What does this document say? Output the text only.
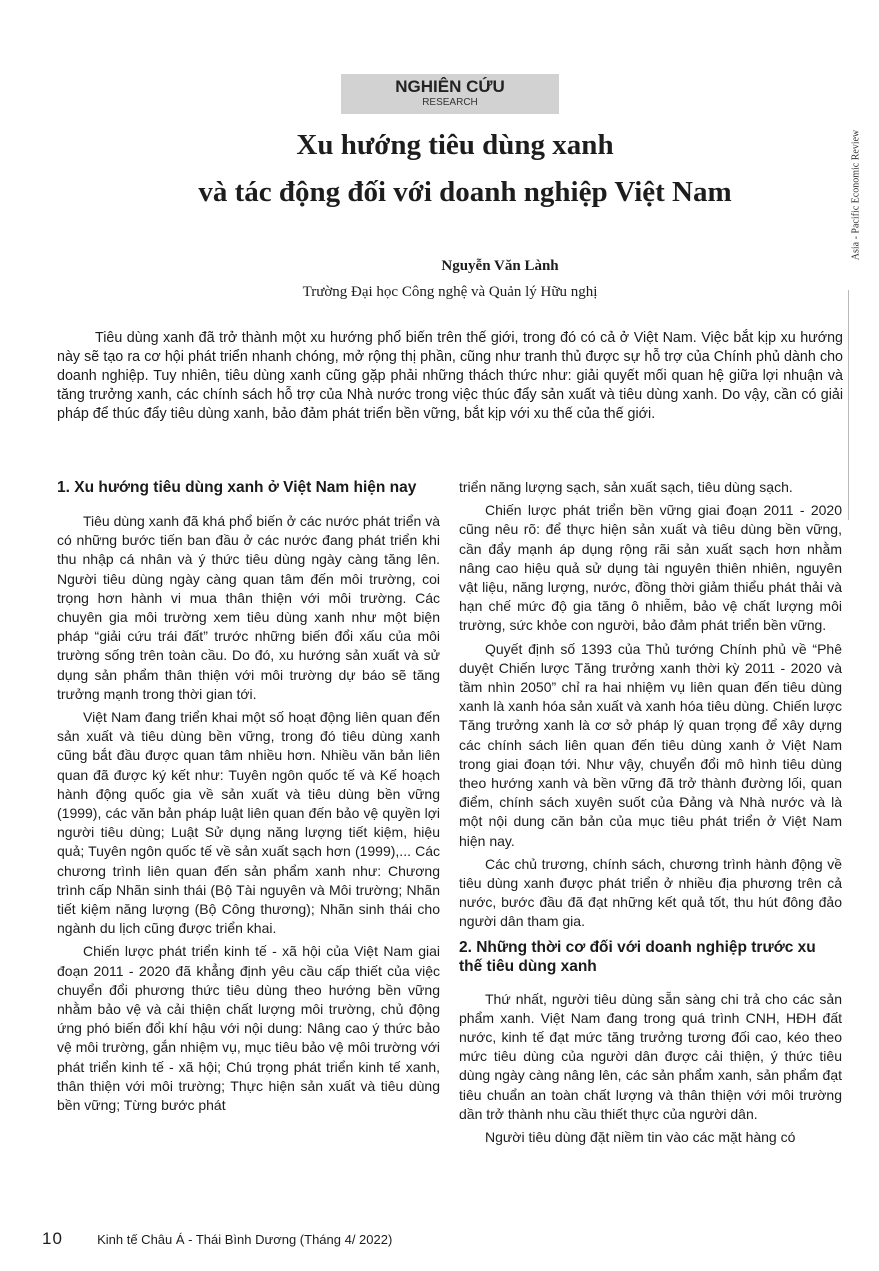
NGHIÊN CỨU
RESEARCH
Asia - Pacific Economic Review
Xu hướng tiêu dùng xanh
và tác động đối với doanh nghiệp Việt Nam
Nguyễn Văn Lành
Trường Đại học Công nghệ và Quản lý Hữu nghị

Tiêu dùng xanh đã trở thành một xu hướng phổ biến trên thế giới, trong đó có cả ở Việt Nam. Việc bắt kịp xu hướng này sẽ tạo ra cơ hội phát triển nhanh chóng, mở rộng thị phần, cũng như tranh thủ được sự hỗ trợ của Chính phủ dành cho doanh nghiệp. Tuy nhiên, tiêu dùng xanh cũng gặp phải những thách thức như: giải quyết mối quan hệ giữa lợi nhuận và tăng trưởng xanh, các chính sách hỗ trợ của Nhà nước trong việc thúc đẩy sản xuất và tiêu dùng xanh. Do vậy, cần có giải pháp để thúc đẩy tiêu dùng xanh, bảo đảm phát triển bền vững, bắt kịp với xu thế của thế giới.

1. Xu hướng tiêu dùng xanh ở Việt Nam hiện nay

Tiêu dùng xanh đã khá phổ biến ở các nước phát triển và có những bước tiến ban đầu ở các nước đang phát triển khi thu nhập cá nhân và ý thức tiêu dùng ngày càng tăng lên. Người tiêu dùng ngày càng quan tâm đến môi trường, coi trọng hơn hành vi mua thân thiện với môi trường. Các chuyên gia môi trường xem tiêu dùng xanh như một biện pháp “giải cứu trái đất” trước những biến đổi xấu của môi trường sống trên toàn cầu. Do đó, xu hướng sản xuất và sử dụng sản phẩm thân thiện với môi trường dự báo sẽ tăng trưởng mạnh trong thời gian tới.

Việt Nam đang triển khai một số hoạt động liên quan đến sản xuất và tiêu dùng bền vững, trong đó tiêu dùng xanh cũng bắt đầu được quan tâm nhiều hơn. Nhiều văn bản liên quan đã được ký kết như: Tuyên ngôn quốc tế và Kế hoạch hành động quốc gia về sản xuất và tiêu dùng bền vững (1999), các văn bản pháp luật liên quan đến bảo vệ quyền lợi người tiêu dùng; Luật Sử dụng năng lượng tiết kiệm, hiệu quả; Tuyên ngôn quốc tế về sản xuất sạch hơn (1999),... Các chương trình liên quan đến sản phẩm xanh như: Chương trình cấp Nhãn sinh thái (Bộ Tài nguyên và Môi trường; Nhãn tiết kiệm năng lượng (Bộ Công thương); Nhãn sinh thái cho ngành du lịch cũng được triển khai.

Chiến lược phát triển kinh tế - xã hội của Việt Nam giai đoạn 2011 - 2020 đã khẳng định yêu cầu cấp thiết của việc chuyển đổi phương thức tiêu dùng theo hướng bền vững nhằm bảo vệ và cải thiện chất lượng môi trường, chủ động ứng phó biến đổi khí hậu với nội dung: Nâng cao ý thức bảo vệ môi trường, gắn nhiệm vụ, mục tiêu bảo vệ môi trường với phát triển kinh tế - xã hội; Chú trọng phát triển kinh tế xanh, thân thiện với môi trường; Thực hiện sản xuất và tiêu dùng bền vững; Từng bước phát

triển năng lượng sạch, sản xuất sạch, tiêu dùng sạch.

Chiến lược phát triển bền vững giai đoạn 2011 - 2020 cũng nêu rõ: để thực hiện sản xuất và tiêu dùng bền vững, cần đẩy mạnh áp dụng rộng rãi sản xuất sạch hơn nhằm nâng cao hiệu quả sử dụng tài nguyên thiên nhiên, nguyên vật liệu, năng lượng, nước, đồng thời giảm thiểu phát thải và hạn chế mức độ gia tăng ô nhiễm, bảo vệ chất lượng môi trường, sức khỏe con người, bảo đảm phát triển bền vững.

Quyết định số 1393 của Thủ tướng Chính phủ về “Phê duyệt Chiến lược Tăng trưởng xanh thời kỳ 2011 - 2020 và tầm nhìn 2050” chỉ ra hai nhiệm vụ liên quan đến tiêu dùng xanh là xanh hóa sản xuất và xanh hóa tiêu dùng. Chiến lược Tăng trưởng xanh là cơ sở pháp lý quan trọng để xây dựng các chính sách liên quan đến tiêu dùng xanh ở Việt Nam trong giai đoạn tới. Như vậy, chuyển đổi mô hình tiêu dùng theo hướng xanh và bền vững đã trở thành đường lối, quan điểm, chính sách xuyên suốt của Đảng và Nhà nước và là một nội dung căn bản của mục tiêu phát triển ở Việt Nam hiện nay.

Các chủ trương, chính sách, chương trình hành động về tiêu dùng xanh được phát triển ở nhiều địa phương trên cả nước, bước đầu đã đạt những kết quả tốt, thu hút đông đảo người dân tham gia.

2. Những thời cơ đối với doanh nghiệp trước xu thế tiêu dùng xanh

Thứ nhất, người tiêu dùng sẵn sàng chi trả cho các sản phẩm xanh. Việt Nam đang trong quá trình CNH, HĐH đất nước, kinh tế đạt mức tăng trưởng tương đối cao, kéo theo mức tiêu dùng của người dân được cải thiện, ý thức tiêu dùng ngày càng nâng lên, các sản phẩm xanh, sản phẩm đạt tiêu chuẩn an toàn chất lượng và thân thiện với môi trường dần trở thành nhu cầu thiết thực của người dân.

Người tiêu dùng đặt niềm tin vào các mặt hàng có

10	Kinh tế Châu Á - Thái Bình Dương (Tháng 4/ 2022)
